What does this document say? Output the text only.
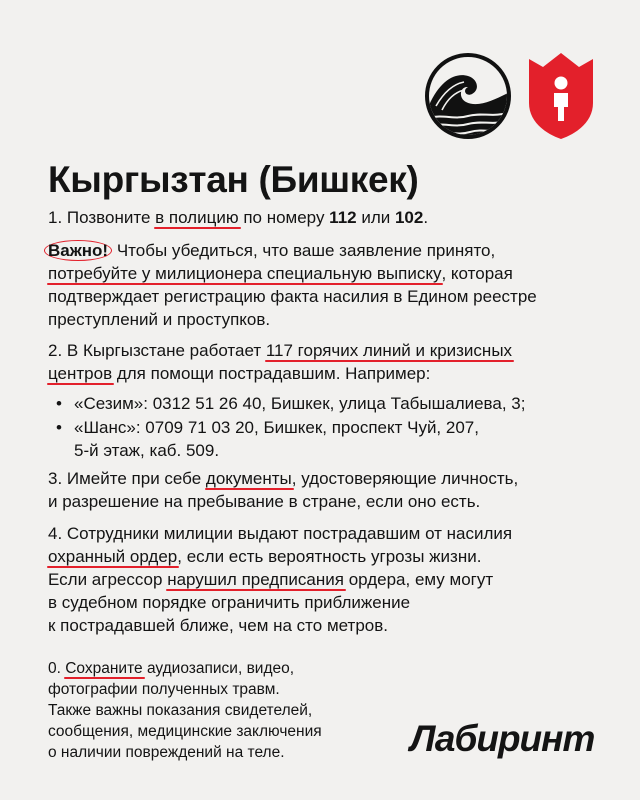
Кыргызтан (Бишкек)

1. Позвоните в полицию по номеру 112 или 102.

Важно! Чтобы убедиться, что ваше заявление принято,

потребуйте у милиционера специальную выписку, которая

подтверждает регистрацию факта насилия в Едином реестре

преступлений и проступков.

2. В Кыргызстане работает 117 горячих линий и кризисных

центров для помощи пострадавшим. Например:

• «Сезим»: 0312 51 26 40, Бишкек, улица Табышалиева, 3;
• «Шанс»: 0709 71 03 20, Бишкек, проспект Чуй, 207,
5-й этаж, каб. 509.

3. Имейте при себе документы, удостоверяющие личность,

и разрешение на пребывание в стране, если оно есть.

4. Сотрудники милиции выдают пострадавшим от насилия

охранный ордер, если есть вероятность угрозы жизни.

Если агрессор нарушил предписания ордера, ему могут

в судебном порядке ограничить приближение

к пострадавшей ближе, чем на сто метров.

0. Сохраните аудиозаписи, видео,

фотографии полученных травм.

Также важны показания свидетелей,

сообщения, медицинские заключения

о наличии повреждений на теле.	Лабиринт
